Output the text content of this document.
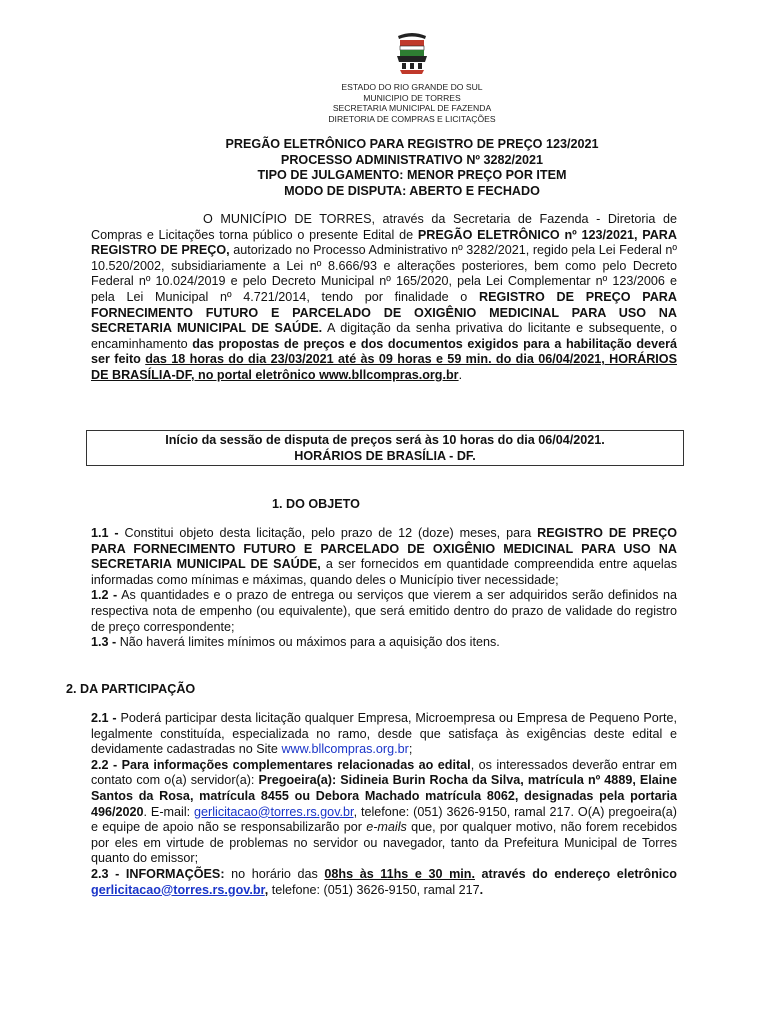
ESTADO DO RIO GRANDE DO SUL
MUNICIPIO DE TORRES
SECRETARIA MUNICIPAL DE FAZENDA
DIRETORIA DE COMPRAS E LICITAÇÕES
PREGÃO ELETRÔNICO PARA REGISTRO DE PREÇO 123/2021
PROCESSO ADMINISTRATIVO Nº 3282/2021
TIPO DE JULGAMENTO: MENOR PREÇO POR ITEM
MODO DE DISPUTA: ABERTO E FECHADO

O MUNICÍPIO DE TORRES, através da Secretaria de Fazenda - Diretoria de Compras e Licitações torna público o presente Edital de PREGÃO ELETRÔNICO nº 123/2021, PARA REGISTRO DE PREÇO, autorizado no Processo Administrativo nº 3282/2021, regido pela Lei Federal nº 10.520/2002, subsidiariamente a Lei nº 8.666/93 e alterações posteriores, bem como pelo Decreto Federal nº 10.024/2019 e pelo Decreto Municipal nº 165/2020, pela Lei Complementar nº 123/2006 e pela Lei Municipal nº 4.721/2014, tendo por finalidade o REGISTRO DE PREÇO PARA FORNECIMENTO FUTURO E PARCELADO DE OXIGÊNIO MEDICINAL PARA USO NA SECRETARIA MUNICIPAL DE SAÚDE. A digitação da senha privativa do licitante e subsequente, o encaminhamento das propostas de preços e dos documentos exigidos para a habilitação deverá ser feito das 18 horas do dia 23/03/2021 até às 09 horas e 59 min. do dia 06/04/2021, HORÁRIOS DE BRASÍLIA-DF, no portal eletrônico www.bllcompras.org.br.

Início da sessão de disputa de preços será às 10 horas do dia 06/04/2021.
HORÁRIOS DE BRASÍLIA - DF.
1. DO OBJETO

1.1 - Constitui objeto desta licitação, pelo prazo de 12 (doze) meses, para REGISTRO DE PREÇO PARA FORNECIMENTO FUTURO E PARCELADO DE OXIGÊNIO MEDICINAL PARA USO NA SECRETARIA MUNICIPAL DE SAÚDE, a ser fornecidos em quantidade compreendida entre aquelas informadas como mínimas e máximas, quando deles o Município tiver necessidade;
1.2 - As quantidades e o prazo de entrega ou serviços que vierem a ser adquiridos serão definidos na respectiva nota de empenho (ou equivalente), que será emitido dentro do prazo de validade do registro de preço correspondente;
1.3 - Não haverá limites mínimos ou máximos para a aquisição dos itens.

2. DA PARTICIPAÇÃO

2.1 - Poderá participar desta licitação qualquer Empresa, Microempresa ou Empresa de Pequeno Porte, legalmente constituída, especializada no ramo, desde que satisfaça às exigências deste edital e devidamente cadastradas no Site www.bllcompras.org.br;
2.2 - Para informações complementares relacionadas ao edital, os interessados deverão entrar em contato com o(a) servidor(a): Pregoeira(a): Sidineia Burin Rocha da Silva, matrícula nº 4889, Elaine Santos da Rosa, matrícula 8455 ou Debora Machado matrícula 8062, designadas pela portaria 496/2020. E-mail: gerlicitacao@torres.rs.gov.br, telefone: (051) 3626-9150, ramal 217. O(A) pregoeira(a) e equipe de apoio não se responsabilizarão por e-mails que, por qualquer motivo, não forem recebidos por eles em virtude de problemas no servidor ou navegador, tanto da Prefeitura Municipal de Torres quanto do emissor;
2.3 - INFORMAÇÕES: no horário das 08hs às 11hs e 30 min. através do endereço eletrônico gerlicitacao@torres.rs.gov.br, telefone: (051) 3626-9150, ramal 217.
